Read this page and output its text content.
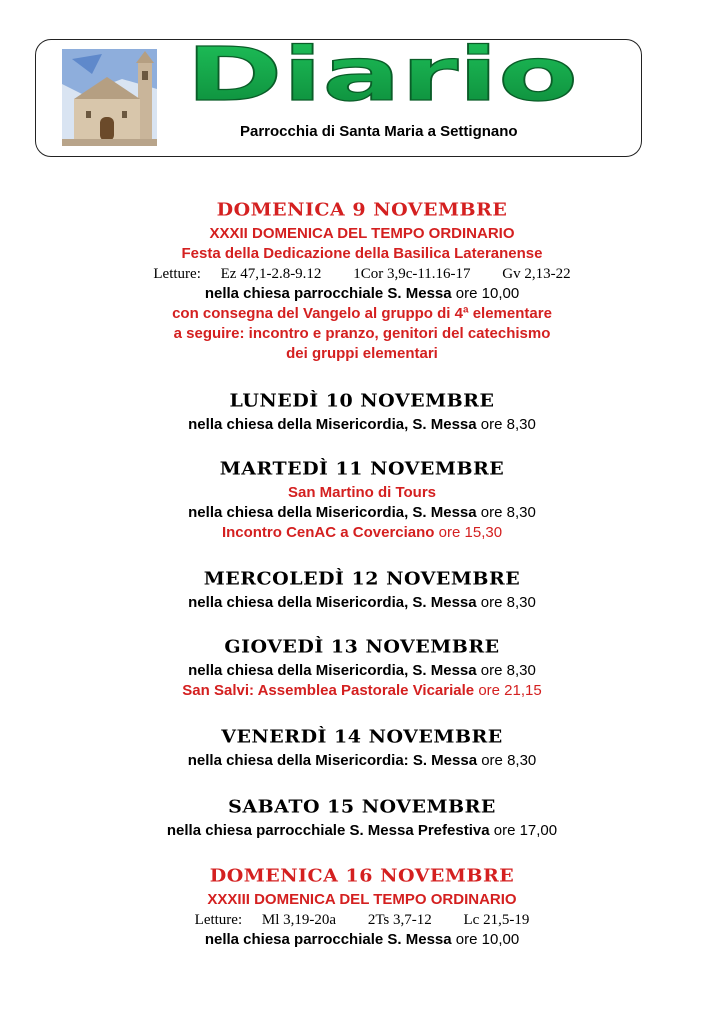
Diario
Parrocchia di Santa Maria a Settignano
DOMENICA 9 NOVEMBRE
XXXII DOMENICA DEL TEMPO ORDINARIO
Festa della Dedicazione della Basilica Lateranense
Letture: Ez 47,1-2.8-9.12 1Cor 3,9c-11.16-17 Gv 2,13-22
nella chiesa parrocchiale S. Messa ore 10,00
con consegna del Vangelo al gruppo di 4ª elementare
a seguire: incontro e pranzo, genitori del catechismo
dei gruppi elementari
LUNEDÌ 10 NOVEMBRE
nella chiesa della Misericordia, S. Messa ore 8,30
MARTEDÌ 11 NOVEMBRE
San Martino di Tours
nella chiesa della Misericordia, S. Messa ore 8,30
Incontro CenAC a Coverciano ore 15,30
MERCOLEDÌ 12 NOVEMBRE
nella chiesa della Misericordia, S. Messa ore 8,30
GIOVEDÌ 13 NOVEMBRE
nella chiesa della Misericordia, S. Messa ore 8,30
San Salvi: Assemblea Pastorale Vicariale ore 21,15
VENERDÌ 14 NOVEMBRE
nella chiesa della Misericordia: S. Messa ore 8,30
SABATO 15 NOVEMBRE
nella chiesa parrocchiale S. Messa Prefestiva ore 17,00
DOMENICA 16 NOVEMBRE
XXXIII DOMENICA DEL TEMPO ORDINARIO
Letture: Ml 3,19-20a 2Ts 3,7-12 Lc 21,5-19
nella chiesa parrocchiale S. Messa ore 10,00
